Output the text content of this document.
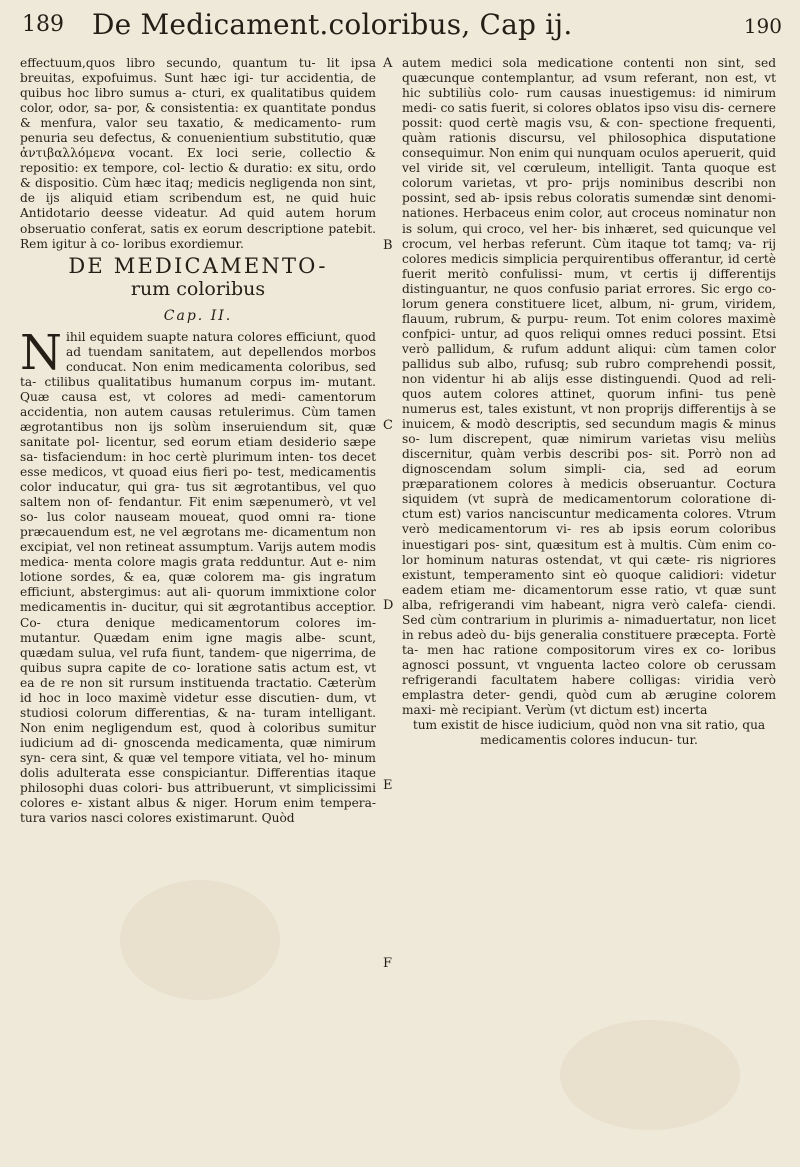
189 De Medicament.coloribus, Cap ij.	190

effectuum,quos libro secundo, quantum tu- lit ipsa breuitas, expofuimus. Sunt hæc igi- tur accidentia, de quibus hoc libro sumus a- cturi, ex qualitatibus quidem color, odor, sa- por, & consistentia: ex quantitate pondus & menfura, valor seu taxatio, & medicamento- rum penuria seu defectus, & conuenientium substitutio, quæ ἀντιβαλλόμενα vocant. Ex loci serie, collectio & repositio: ex tempore, col- lectio & duratio: ex situ, ordo & dispositio. Cùm hæc itaq; medicis negligenda non sint, de ijs aliquid etiam scribendum est, ne quid huic Antidotario deesse videatur. Ad quid autem horum obseruatio conferat, satis ex eorum descriptione patebit. Rem igitur à co- loribus exordiemur.

DE MEDICAMENTO-
rum coloribus
Cap. II.

Nihil equidem suapte natura colores efficiunt, quod ad tuendam sanitatem, aut depellendos morbos conducat. Non enim medicamenta coloribus, sed ta- ctilibus qualitatibus humanum corpus im- mutant. Quæ causa est, vt colores ad medi- camentorum accidentia, non autem causas retulerimus. Cùm tamen ægrotantibus non ijs solùm inseruiendum sit, quæ sanitate pol- licentur, sed eorum etiam desiderio sæpe sa- tisfaciendum: in hoc certè plurimum inten- tos decet esse medicos, vt quoad eius fieri po- test, medicamentis color inducatur, qui gra- tus sit ægrotantibus, vel quo saltem non of- fendantur. Fit enim sæpenumerò, vt vel so- lus color nauseam moueat, quod omni ra- tione præcauendum est, ne vel ægrotans me- dicamentum non excipiat, vel non retineat assumptum. Varijs autem modis medica- menta colore magis grata redduntur. Aut e- nim lotione sordes, & ea, quæ colorem ma- gis ingratum efficiunt, abstergimus: aut ali- quorum immixtione color medicamentis in- ducitur, qui sit ægrotantibus acceptior. Co- ctura denique medicamentorum colores im- mutantur. Quædam enim igne magis albe- scunt, quædam sulua, vel rufa fiunt, tandem- que nigerrima, de quibus supra capite de co- loratione satis actum est, vt ea de re non sit rursum instituenda tractatio. Cæterùm id hoc in loco maximè videtur esse discutien- dum, vt studiosi colorum differentias, & na- turam intelligant. Non enim negligendum est, quod à coloribus sumitur iudicium ad di- gnoscenda medicamenta, quæ nimirum syn- cera sint, & quæ vel tempore vitiata, vel ho- minum dolis adulterata esse conspiciantur. Differentias itaque philosophi duas colori- bus attribuerunt, vt simplicissimi colores e- xistant albus & niger. Horum enim tempera- tura varios nasci colores existimarunt. Quòd

A
B
C
D
E
F

autem medici sola medicatione contenti non sint, sed quæcunque contemplantur, ad vsum referant, non est, vt hic subtiliùs colo- rum causas inuestigemus: id nimirum medi- co satis fuerit, si colores oblatos ipso visu dis- cernere possit: quod certè magis vsu, & con- spectione frequenti, quàm rationis discursu, vel philosophica disputatione consequimur. Non enim qui nunquam oculos aperuerit, quid vel viride sit, vel cœruleum, intelligit. Tanta quoque est colorum varietas, vt pro- prijs nominibus describi non possint, sed ab- ipsis rebus coloratis sumendæ sint denomi- nationes. Herbaceus enim color, aut croceus nominatur non is solum, qui croco, vel her- bis inhæret, sed quicunque vel crocum, vel herbas referunt. Cùm itaque tot tamq; va- rij colores medicis simplicia perquirentibus offerantur, id certè fuerit meritò confulissi- mum, vt certis ij differentijs distinguantur, ne quos confusio pariat errores. Sic ergo co- lorum genera constituere licet, album, ni- grum, viridem, flauum, rubrum, & purpu- reum. Tot enim colores maximè confpici- untur, ad quos reliqui omnes reduci possint. Etsi verò pallidum, & rufum addunt aliqui: cùm tamen color pallidus sub albo, rufusq; sub rubro comprehendi possit, non videntur hi ab alijs esse distinguendi. Quod ad reli- quos autem colores attinet, quorum infini- tus penè numerus est, tales existunt, vt non proprijs differentijs à se inuicem, & modò descriptis, sed secundum magis & minus so- lum discrepent, quæ nimirum varietas visu meliùs discernitur, quàm verbis describi pos- sit. Porrò non ad dignoscendam solum simpli- cia, sed ad eorum præparationem colores à medicis obseruantur. Coctura siquidem (vt suprà de medicamentorum coloratione di- ctum est) varios nanciscuntur medicamenta colores. Vtrum verò medicamentorum vi- res ab ipsis eorum coloribus inuestigari pos- sint, quæsitum est à multis. Cùm enim co- lor hominum naturas ostendat, vt qui cæte- ris nigriores existunt, temperamento sint eò quoque calidiori: videtur eadem etiam me- dicamentorum esse ratio, vt quæ sunt alba, refrigerandi vim habeant, nigra verò calefa- ciendi. Sed cùm contrarium in plurimis a- nimaduertatur, non licet in rebus adeò du- bijs generalia constituere præcepta. Fortè ta- men hac ratione compositorum vires ex co- loribus agnosci possunt, vt vnguenta lacteo colore ob cerussam refrigerandi facultatem habere colligas: viridia verò emplastra deter- gendi, quòd cum ab ærugine colorem maxi- mè recipiant. Verùm (vt dictum est) incerta

tum existit de hisce iudicium, quòd non vna sit ratio, qua medicamentis colores inducun- tur.
